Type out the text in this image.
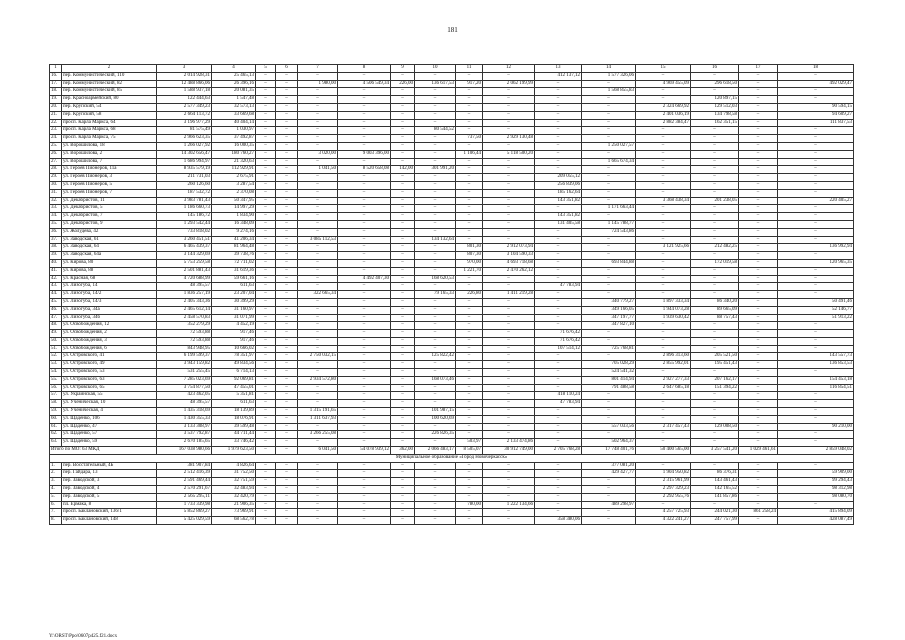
181
1	2	3	4	5	6	7	8	9	10	11	12	13	14	15	16	17	18
16.	пер. Коммунистический, 110	2 014 928,31	25 465,13	–	–	–	–	–	–	–	–	412 137,12	1 577 326,06	–	–	–	–
17.	пер. Коммунистический, 82	12 488 866,06	26 396,16	–	–	1 980,00	4 506 549,34	226,00	136 617,53	917,20	2 062 199,99	–	–	4 969 455,09	296 618,50	–	492 029,47
18.	пер. Коммунистический, 85	1 588 937,18	20 081,35	–	–	–	–	–	–	–	–	–	1 568 855,83	–	–	–	–
19.	пер. Красноармейский, 80	122 444,63	1 547,48	–	–	–	–	–	–	–	–	–	–	–	120 897,15	–	–
20.	пер. Крупский, 54	2 577 349,23	32 573,13	–	–	–	–	–	–	–	–	–	–	2 324 669,92	129 512,03	–	90 594,15
21.	пер. Крупский, 58	2 664 113,72	33 669,68	–	–	–	–	–	–	–	–	–	–	2 401 036,19	134 798,58	–	94 609,27
22.	просп. Карла Маркса, 64	3 196 977,29	40 404,14	–	–	–	–	–	–	–	–	–	–	2 882 384,47	162 351,15	–	111 837,53
23.	просп. Карла Маркса, 68	81 575,49	1 030,97	–	–	–	–	–	80 544,52	–	–	–	–	–	–	–	–
24.	просп. Карла Маркса, 75	2 966 623,35	37 492,87	–	–	–	–	–	–	737,50	2 929 130,48	–	–	–	–	–	–
25.	ул. Ворошилова, 18	1 266 027,92	16 000,35	–	–	–	–	–	–	–	–	–	1 250 027,57	–	–	–	–
26.	ул. Ворошилова, 2	14 302 656,47	180 760,27	–	–	3 020,00	9 003 396,00	–	–	1 106,44	5 118 500,20	–	–	–	–	–	–
27.	ул. Ворошилова, 7	1 686 994,97	21 320,63	–	–	–	–	–	–	–	–	–	1 665 674,34	–	–	–	–
28.	ул. Героев Пионеров, 11а	8 935 579,19	112 929,91	–	–	1 041,50	8 520 658,08	142,00	301 991,20	–	–	–	–	–	–	–	–
29.	ул. Героев Пионеров, 3	211 731,03	2 675,91	–	–	–	–	–	–	–	–	209 055,12	–	–	–	–	–
30.	ул. Героев Пионеров, 5	260 126,60	3 287,54	–	–	–	–	–	–	–	–	256 839,06	–	–	–	–	–
31.	ул. Героев Пионеров, 7	187 532,72	2 370,08	–	–	–	–	–	–	–	–	185 162,64	–	–	–	–	–
32.	ул. Декабристов, 11	3 983 781,43	50 347,95	–	–	–	–	–	–	–	–	143 351,82	–	3 368 438,34	201 238,05	–	220 405,27
33.	ул. Декабристов, 5	1 186 660,73	14 997,29	–	–	–	–	–	–	–	–	–	1 171 663,44	–	–	–	–
34.	ул. Декабристов, 7	145 186,72	1 834,90	–	–	–	–	–	–	–	–	143 351,82	–	–	–	–	–
35.	ул. Декабристов, 9	1 293 542,44	16 348,09	–	–	–	–	–	–	–	–	131 405,58	1 145 788,77	–	–	–	–
36.	ул. Жолудева, 42	733 818,02	9 274,16	–	–	–	–	–	–	–	–	–	724 543,86	–	–	–	–
37.	ул. Заводская, 61	3 260 451,51	41 206,34	–	–	3 085 112,53	–	–	134 132,64	–	–	–	–	–	–	–	–
38.	ул. Заводская, 64	6 465 439,37	81 964,48	–	–	–	–	–	–	801,30	2 912 073,94	–	–	3 121 925,66	212 482,25	–	136 992,94
39.	ул. Заводская, 64а	3 144 329,69	39 738,76	–	–	–	–	–	–	807,30	3 104 590,33	–	–	–	–	–	–
40.	ул. Кирова, 80	5 753 259,58	72 711,02	–	–	–	–	–	–	970,00	4 693 718,68	–	693 844,88	–	172 019,58	–	120 965,35
41.	ул. Кирова, 88	2 501 881,43	31 619,36	–	–	–	–	–	–	1 221,70	2 470 262,12	–	–	–	–	–	–
42.	ул. Красная, 68	4 720 688,99	59 661,16	–	–	–	4 492 407,30	–	168 620,53	–	–	–	–	–	–	–	–
43.	ул. Лизогуба, 14	48 395,57	611,63	–	–	–	–	–	–	–	–	47 783,94	–	–	–	–	–
44.	ул. Лизогуба, 14/2	1 836 257,19	23 207,04	–	–	322 665,34	–	–	79 165,33	226,80	1 411 219,28	–	–	–	–	–	–
45.	ул. Лизогуба, 14/3	2 405 343,36	30 399,29	–	–	–	–	–	–	–	–	–	340 779,27	1 897 333,34	86 340,20	–	50 491,46
46.	ул. Лизогуба, 34а	2 465 612,14	31 160,97	–	–	–	–	–	–	–	–	–	349 166,05	1 944 073,28	89 665,09	–	52 146,77
47.	ул. Лизогуба, 34б	2 458 570,83	31 071,99	–	–	–	–	–	–	–	–	–	347 197,77	1 939 630,42	88 757,43	–	51 913,22
48.	ул. Освобождения, 12	352 279,29	4 452,19	–	–	–	–	–	–	–	–	–	347 827,10	–	–	–	–
49.	ул. Освобождения, 2	72 593,88	917,46	–	–	–	–	–	–	–	–	71 676,42	–	–	–	–	–
50.	ул. Освобождения, 3	72 593,88	917,46	–	–	–	–	–	–	–	–	71 676,42	–	–	–	–	–
51.	ул. Освобождения, 6	843 948,95	10 666,02	–	–	–	–	–	–	–	–	107 514,12	725 768,81	–	–	–	–
52.	ул. Островского, 41	6 199 599,37	78 351,97	–	–	2 750 032,15	–	–	125 822,42	–	–	–	–	2 896 313,60	205 521,50	–	143 557,73
53.	ул. Островского, 49	3 943 159,82	49 834,56	–	–	–	–	–	–	–	–	–	705 028,29	2 855 992,01	195 451,43	–	136 853,53
54.	ул. Островского, 53	531 255,45	6 714,13	–	–	–	–	–	–	–	–	–	524 541,32	–	–	–	–
55.	ул. Островского, 63	7 285 023,69	92 069,81	–	–	2 934 572,80	–	–	168 073,46	–	–	–	801 414,94	2 927 277,33	207 162,17	–	154 453,18
56.	ул. Островского, 65	3 754 877,50	47 455,01	–	–	–	–	–	–	–	–	–	791 488,58	2 647 685,18	151 394,22	–	116 854,51
57.	ул. Украинская, 55	423 462,05	5 351,81	–	–	–	–	–	–	–	–	418 110,24	–	–	–	–	–
58.	ул. Ученическая, 10	48 395,57	611,63	–	–	–	–	–	–	–	–	47 783,94	–	–	–	–	–
59.	ул. Ученическая, 4	1 435 318,69	18 139,89	–	–	1 315 191,65	–	–	101 987,15	–	–	–	–	–	–	–	–
60.	ул. Щаденко, 106	1 430 355,33	18 076,91	–	–	1 311 637,93	–	–	100 620,69	–	–	–	–	–	–	–	–
61.	ул. Щаденко, 47	3 133 308,97	39 599,48	–	–	–	–	–	–	–	–	–	557 033,56	2 317 457,43	129 008,50	–	90 210,00
62.	ул. Щаденко, 57	3 537 792,87	44 711,44	–	–	3 266 255,08	–	–	226 826,35	–	–	–	–	–	–	–	–
63.	ул. Щаденко, 59	2 670 185,65	33 746,42	–	–	–	–	–	–	503,97	2 133 474,86	–	502 964,37	–	–	–	–
Итого по МО: 63 МКД		167 038 980,66	1 979 623,50	–	–	6 041,50	54 078 939,12	362,00	2 066 483,17	8 505,07	30 912 749,00	2 705 768,28	17 748 401,76	50 400 565,00	3 257 541,20	1 029 461,61	2 859 048,02
Муниципальное образование «Город Новочеркасск»																	
1.	пер. Восстательный, 4Б	381 907,84	4 826,64	–	–	–	–	–	–	–	–	–	377 081,20	–	–	–	–
2.	пер. Гайдара, 13	2 512 416,39	31 752,50	–	–	–	–	–	–	–	–	–	429 427,77	1 904 950,82	86 376,31	–	59 909,00
3.	пер. Заводской, 3	2 591 469,44	32 751,59	–	–	–	–	–	–	–	–	–	–	2 315 961,99	143 461,43	–	99 294,43
4.	пер. Заводской, 4	2 570 291,67	32 483,94	–	–	–	–	–	–	–	–	–	–	2 297 329,23	142 165,52	–	98 312,98
5.	пер. Заводской, 5	2 565 295,11	32 420,79	–	–	–	–	–	–	–	–	–	–	2 292 955,76	141 857,86	–	98 080,70
6.	пл. Ермака, 8	1 733 339,98	21 906,35	–	–	–	–	–	–	780,00	1 222 134,66	–	489 298,97	–	–	–	–
7.	просп. Баклановский, 136/1	5 852 869,27	73 969,91	–	–	–	–	–	–	–	–	–	–	4 257 725,93	244 021,30	861 258,24	415 894,09
8.	просп. Баклановский, 148	5 425 029,59	68 562,78	–	–	–	–	–	–	–	–	358 380,06	–	4 322 241,27	247 757,99	–	428 087,49
Y:\ORST\Ppo\0607p425.f21.docx
